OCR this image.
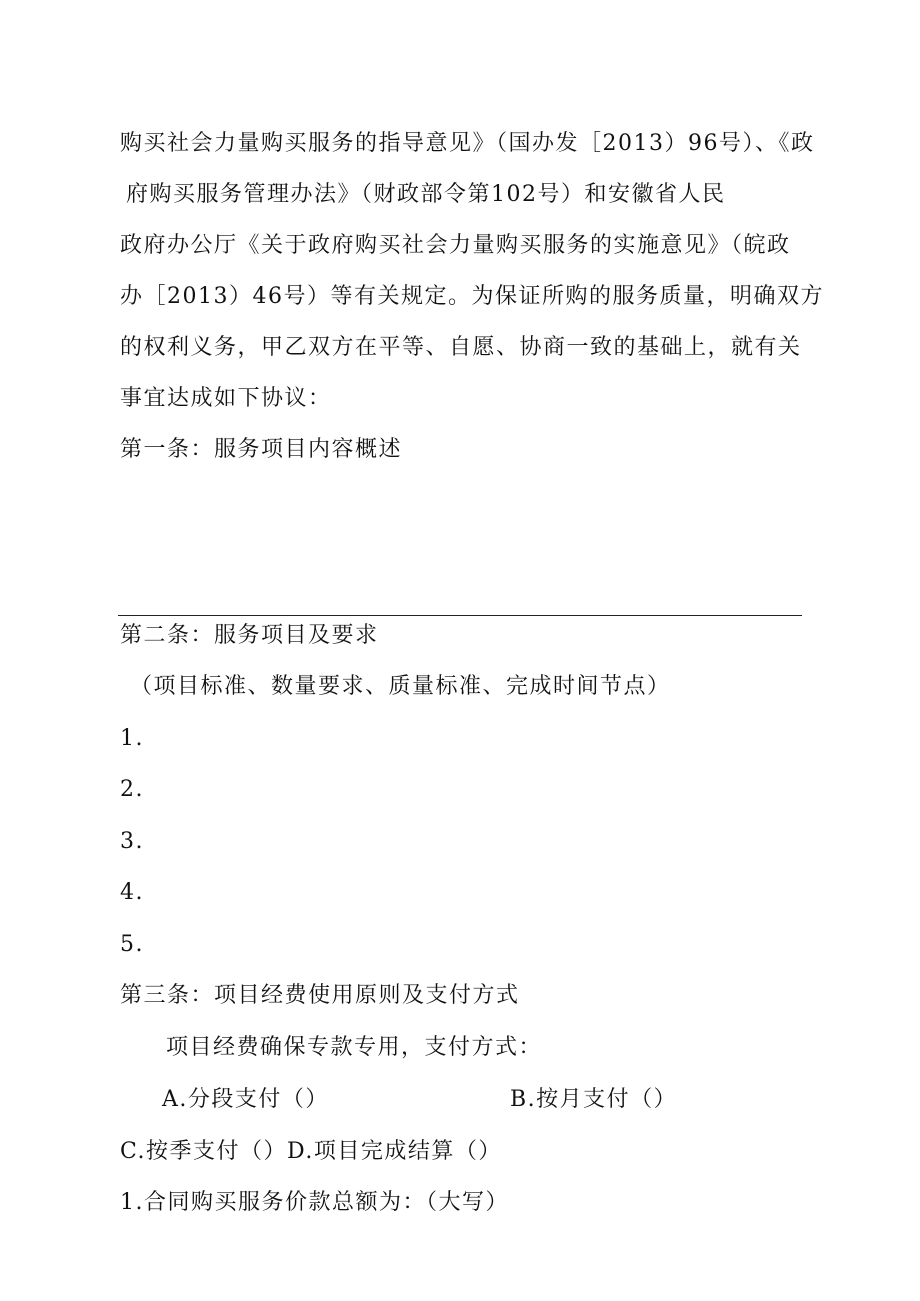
购买社会力量购买服务的指导意见》（国办发［2013）96号）、《政
府购买服务管理办法》（财政部令第102号）和安徽省人民
政府办公厅《关于政府购买社会力量购买服务的实施意见》（皖政
办［2013）46号）等有关规定。为保证所购的服务质量，明确双方
的权利义务，甲乙双方在平等、自愿、协商一致的基础上，就有关
事宜达成如下协议：
第一条：服务项目内容概述
第二条：服务项目及要求
（项目标准、数量要求、质量标准、完成时间节点）
1.
2.
3.
4.
5.
第三条：项目经费使用原则及支付方式
项目经费确保专款专用，支付方式：
A.分段支付（）	B.按月支付（）
C.按季支付（）D.项目完成结算（）
1.合同购买服务价款总额为：（大写）
